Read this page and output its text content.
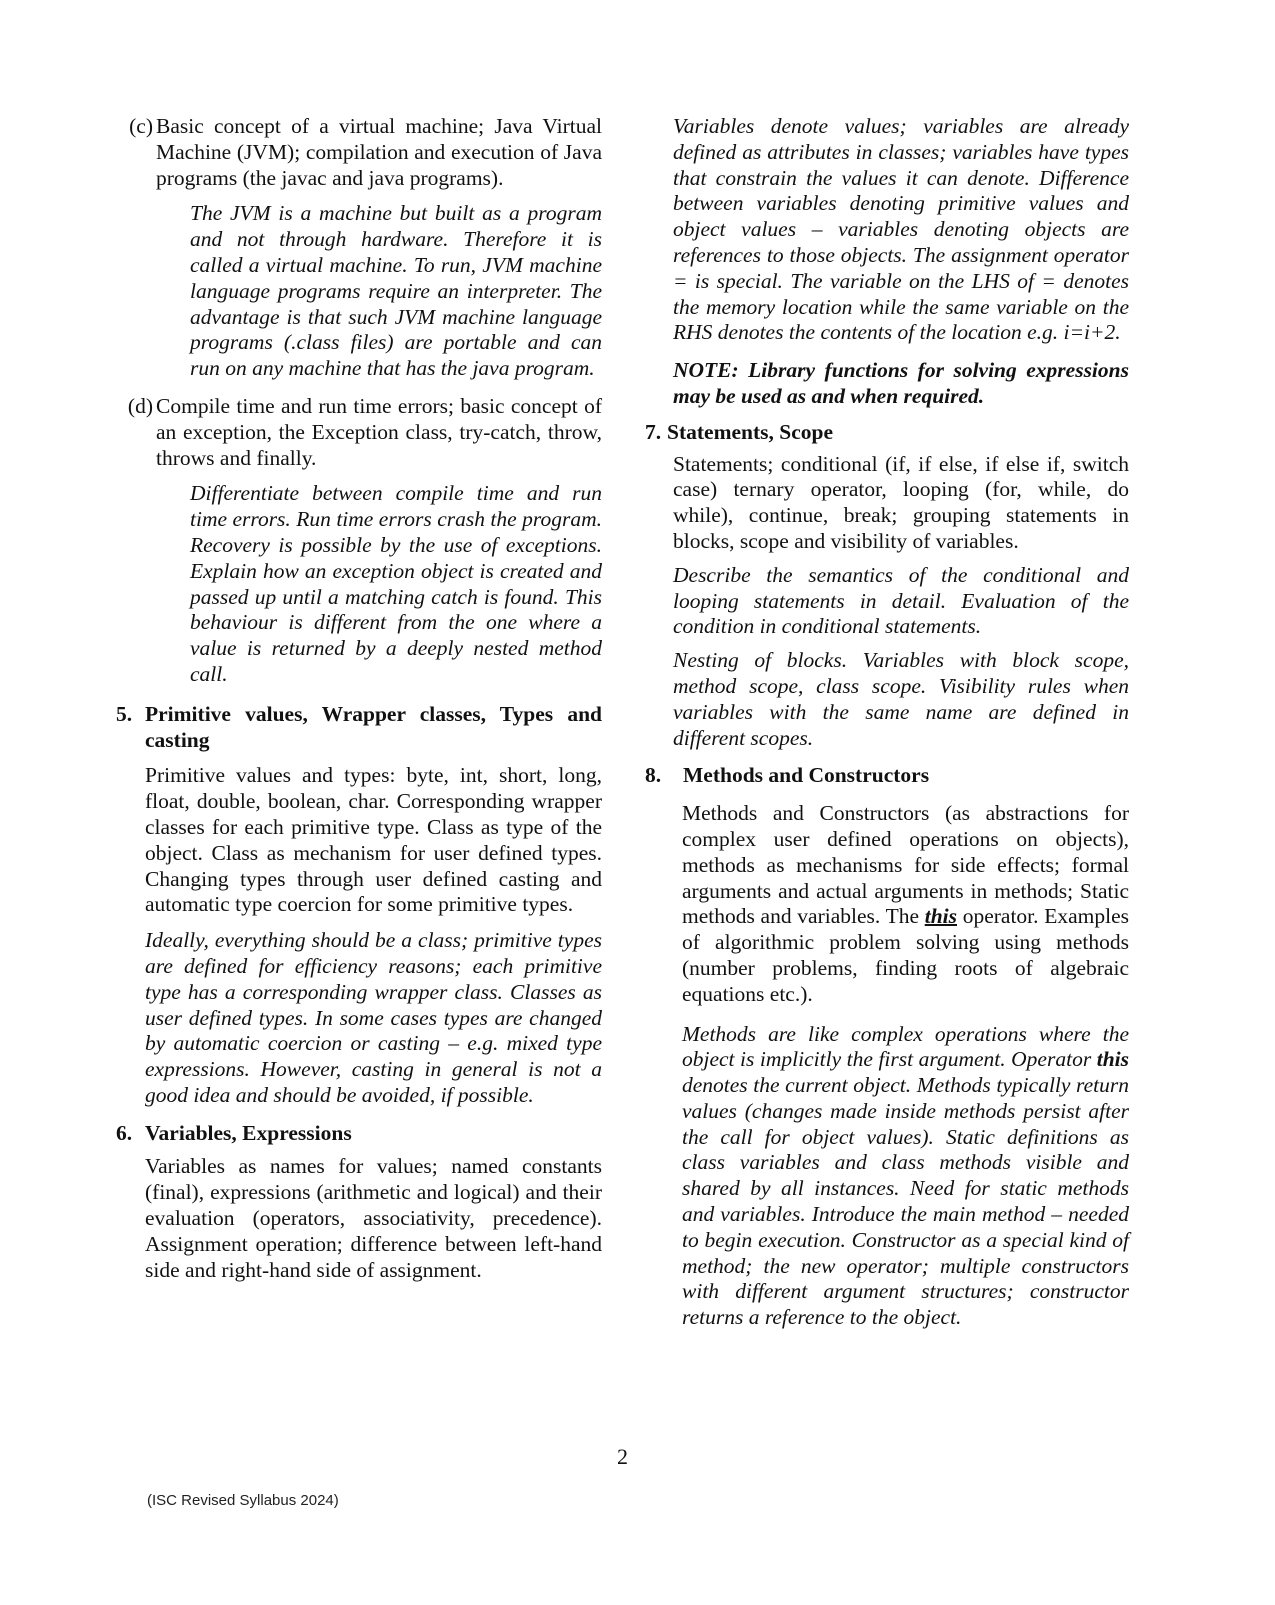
(c) Basic concept of a virtual machine; Java Virtual Machine (JVM); compilation and execution of Java programs (the javac and java programs).

The JVM is a machine but built as a program and not through hardware. Therefore it is called a virtual machine. To run, JVM machine language programs require an interpreter. The advantage is that such JVM machine language programs (.class files) are portable and can run on any machine that has the java program.

(d) Compile time and run time errors; basic concept of an exception, the Exception class, try-catch, throw, throws and finally.

Differentiate between compile time and run time errors. Run time errors crash the program. Recovery is possible by the use of exceptions. Explain how an exception object is created and passed up until a matching catch is found. This behaviour is different from the one where a value is returned by a deeply nested method call.

5. Primitive values, Wrapper classes, Types and casting

Primitive values and types: byte, int, short, long, float, double, boolean, char. Corresponding wrapper classes for each primitive type. Class as type of the object. Class as mechanism for user defined types. Changing types through user defined casting and automatic type coercion for some primitive types.

Ideally, everything should be a class; primitive types are defined for efficiency reasons; each primitive type has a corresponding wrapper class. Classes as user defined types. In some cases types are changed by automatic coercion or casting – e.g. mixed type expressions. However, casting in general is not a good idea and should be avoided, if possible.

6. Variables, Expressions

Variables as names for values; named constants (final), expressions (arithmetic and logical) and their evaluation (operators, associativity, precedence). Assignment operation; difference between left-hand side and right-hand side of assignment.

Variables denote values; variables are already defined as attributes in classes; variables have types that constrain the values it can denote. Difference between variables denoting primitive values and object values – variables denoting objects are references to those objects. The assignment operator = is special. The variable on the LHS of = denotes the memory location while the same variable on the RHS denotes the contents of the location e.g. i=i+2.

NOTE: Library functions for solving expressions may be used as and when required.

7. Statements, Scope

Statements; conditional (if, if else, if else if, switch case) ternary operator, looping (for, while, do while), continue, break; grouping statements in blocks, scope and visibility of variables.

Describe the semantics of the conditional and looping statements in detail. Evaluation of the condition in conditional statements.

Nesting of blocks. Variables with block scope, method scope, class scope. Visibility rules when variables with the same name are defined in different scopes.

8.	Methods and Constructors

Methods and Constructors (as abstractions for complex user defined operations on objects), methods as mechanisms for side effects; formal arguments and actual arguments in methods; Static methods and variables. The this operator. Examples of algorithmic problem solving using methods (number problems, finding roots of algebraic equations etc.).

Methods are like complex operations where the object is implicitly the first argument. Operator this denotes the current object. Methods typically return values (changes made inside methods persist after the call for object values). Static definitions as class variables and class methods visible and shared by all instances. Need for static methods and variables. Introduce the main method – needed to begin execution. Constructor as a special kind of method; the new operator; multiple constructors with different argument structures; constructor returns a reference to the object.

2
(ISC Revised Syllabus 2024)
